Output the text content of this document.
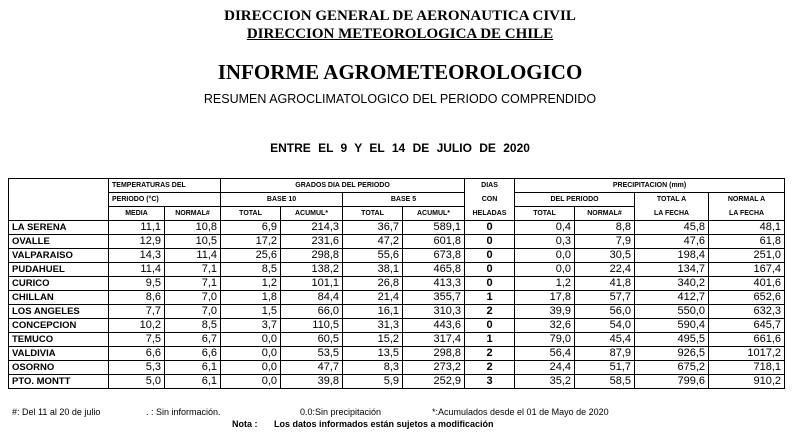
DIRECCION GENERAL DE AERONAUTICA CIVIL
DIRECCION METEOROLOGICA DE CHILE
INFORME AGROMETEOROLOGICO
RESUMEN AGROCLIMATOLOGICO DEL PERIODO COMPRENDIDO
ENTRE EL 9 Y EL 14 DE JULIO DE 2020
	TEMPERATURAS DEL		GRADOS DIA DEL PERIODO				DIAS	PRECIPITACION (mm)			
	PERIODO (°C)		BASE 10		BASE 5		CON	DEL PERIODO		TOTAL A	NORMAL A
	MEDIA	NORMAL#	TOTAL	ACUMUL*	TOTAL	ACUMUL*	HELADAS	TOTAL	NORMAL#	LA FECHA	LA FECHA
LA SERENA	11,1	10,8	6,9	214,3	36,7	589,1	0	0,4	8,8	45,8	48,1
OVALLE	12,9	10,5	17,2	231,6	47,2	601,8	0	0,3	7,9	47,6	61,8
VALPARAISO	14,3	11,4	25,6	298,8	55,6	673,8	0	0,0	30,5	198,4	251,0
PUDAHUEL	11,4	7,1	8,5	138,2	38,1	465,8	0	0,0	22,4	134,7	167,4
CURICO	9,5	7,1	1,2	101,1	26,8	413,3	0	1,2	41,8	340,2	401,6
CHILLAN	8,6	7,0	1,8	84,4	21,4	355,7	1	17,8	57,7	412,7	652,6
LOS ANGELES	7,7	7,0	1,5	66,0	16,1	310,3	2	39,9	56,0	550,0	632,3
CONCEPCION	10,2	8,5	3,7	110,5	31,3	443,6	0	32,6	54,0	590,4	645,7
TEMUCO	7,5	6,7	0,0	60,5	15,2	317,4	1	79,0	45,4	495,5	661,6
VALDIVIA	6,6	6,6	0,0	53,5	13,5	298,8	2	56,4	87,9	926,5	1017,2
OSORNO	5,3	6,1	0,0	47,7	8,3	273,2	2	24,4	51,7	675,2	718,1
PTO. MONTT	5,0	6,1	0,0	39,8	5,9	252,9	3	35,2	58,5	799,6	910,2
#: Del 11 al 20 de julio	. : Sin información.	0.0:Sin precipitación	*:Acumulados desde el 01 de Mayo de 2020
Nota : Los datos informados están sujetos a modificación
